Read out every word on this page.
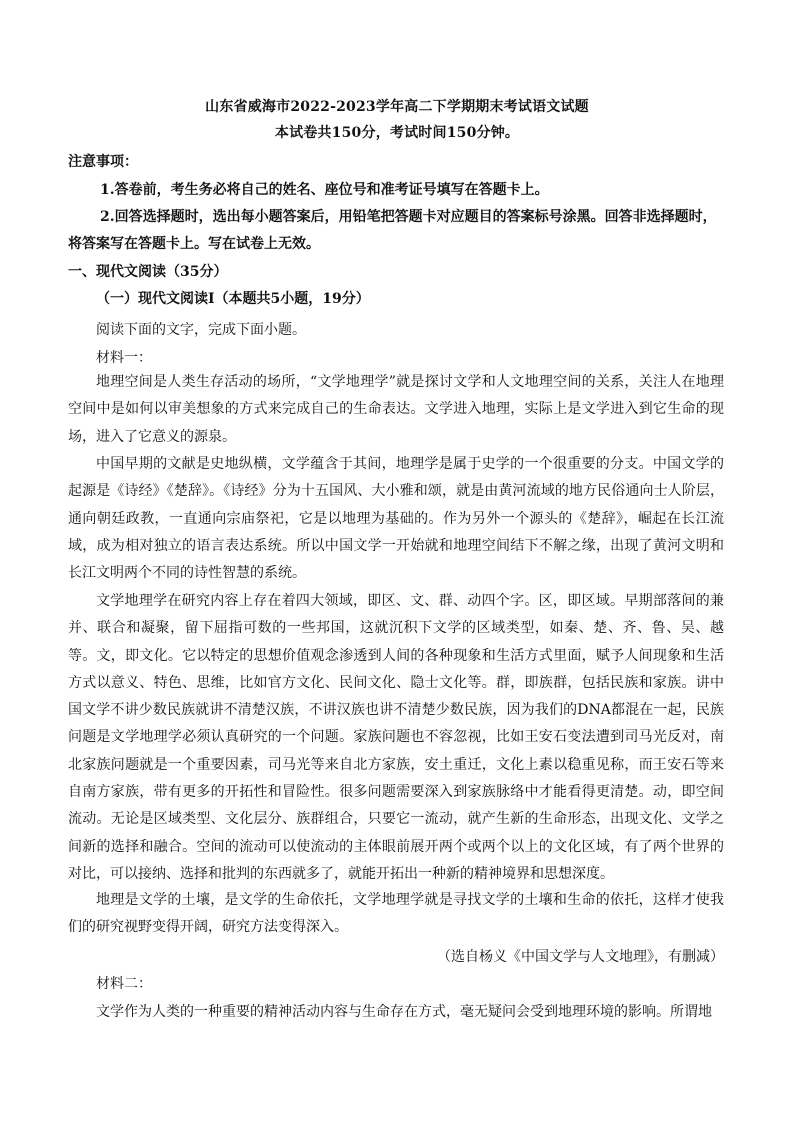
山东省威海市2022-2023学年高二下学期期末考试语文试题
本试卷共150分，考试时间150分钟。
注意事项：
1.答卷前，考生务必将自己的姓名、座位号和准考证号填写在答题卡上。
2.回答选择题时，选出每小题答案后，用铅笔把答题卡对应题目的答案标号涂黑。回答非选择题时，
将答案写在答题卡上。写在试卷上无效。
一、现代文阅读（35分）
（一）现代文阅读Ⅰ（本题共5小题，19分）
阅读下面的文字，完成下面小题。
材料一：
地理空间是人类生存活动的场所，“文学地理学”就是探讨文学和人文地理空间的关系，关注人在地理空间中是如何以审美想象的方式来完成自己的生命表达。文学进入地理，实际上是文学进入到它生命的现场，进入了它意义的源泉。
中国早期的文献是史地纵横，文学蕴含于其间，地理学是属于史学的一个很重要的分支。中国文学的起源是《诗经》《楚辞》。《诗经》分为十五国风、大小雅和颂，就是由黄河流域的地方民俗通向士人阶层，通向朝廷政教，一直通向宗庙祭祀，它是以地理为基础的。作为另外一个源头的《楚辞》，崛起在长江流域，成为相对独立的语言表达系统。所以中国文学一开始就和地理空间结下不解之缘，出现了黄河文明和长江文明两个不同的诗性智慧的系统。
文学地理学在研究内容上存在着四大领域，即区、文、群、动四个字。区，即区域。早期部落间的兼并、联合和凝聚，留下屈指可数的一些邦国，这就沉积下文学的区域类型，如秦、楚、齐、鲁、吴、越等。文，即文化。它以特定的思想价值观念渗透到人间的各种现象和生活方式里面，赋予人间现象和生活方式以意义、特色、思维，比如官方文化、民间文化、隐士文化等。群，即族群，包括民族和家族。讲中国文学不讲少数民族就讲不清楚汉族，不讲汉族也讲不清楚少数民族，因为我们的DNA都混在一起，民族问题是文学地理学必须认真研究的一个问题。家族问题也不容忽视，比如王安石变法遭到司马光反对，南北家族问题就是一个重要因素，司马光等来自北方家族，安土重迁，文化上素以稳重见称，而王安石等来自南方家族，带有更多的开拓性和冒险性。很多问题需要深入到家族脉络中才能看得更清楚。动，即空间流动。无论是区域类型、文化层分、族群组合，只要它一流动，就产生新的生命形态，出现文化、文学之间新的选择和融合。空间的流动可以使流动的主体眼前展开两个或两个以上的文化区域，有了两个世界的对比，可以接纳、选择和批判的东西就多了，就能开拓出一种新的精神境界和思想深度。
地理是文学的土壤，是文学的生命依托，文学地理学就是寻找文学的土壤和生命的依托，这样才使我们的研究视野变得开阔，研究方法变得深入。
（选自杨义《中国文学与人文地理》，有删减）
材料二：
文学作为人类的一种重要的精神活动内容与生命存在方式，毫无疑问会受到地理环境的影响。所谓地
